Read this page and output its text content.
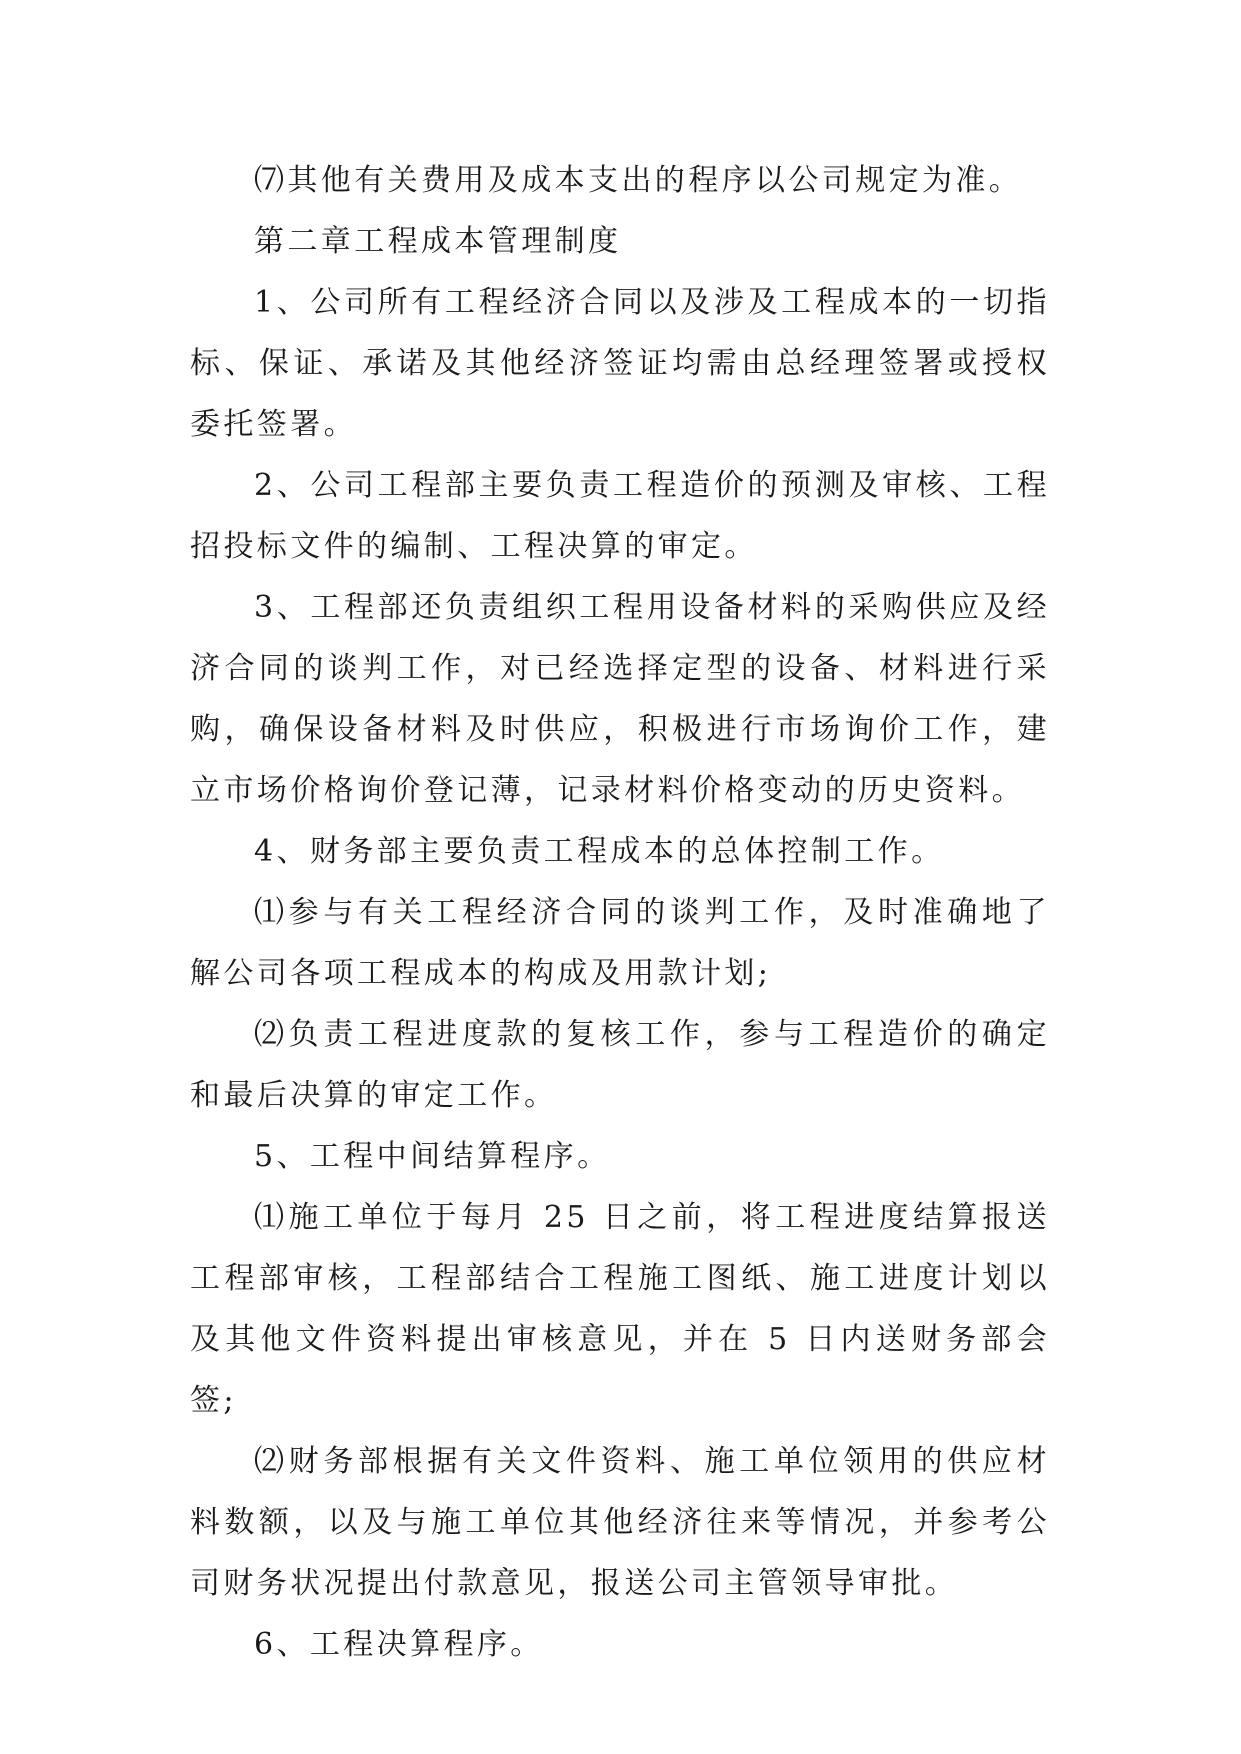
⑺其他有关费用及成本支出的程序以公司规定为准。

第二章工程成本管理制度

1、公司所有工程经济合同以及涉及工程成本的一切指标、保证、承诺及其他经济签证均需由总经理签署或授权委托签署。

2、公司工程部主要负责工程造价的预测及审核、工程招投标文件的编制、工程决算的审定。

3、工程部还负责组织工程用设备材料的采购供应及经济合同的谈判工作，对已经选择定型的设备、材料进行采购，确保设备材料及时供应，积极进行市场询价工作，建立市场价格询价登记薄，记录材料价格变动的历史资料。

4、财务部主要负责工程成本的总体控制工作。

⑴参与有关工程经济合同的谈判工作，及时准确地了解公司各项工程成本的构成及用款计划;

⑵负责工程进度款的复核工作，参与工程造价的确定和最后决算的审定工作。

5、工程中间结算程序。

⑴施工单位于每月 25 日之前，将工程进度结算报送工程部审核，工程部结合工程施工图纸、施工进度计划以及其他文件资料提出审核意见，并在 5 日内送财务部会签;

⑵财务部根据有关文件资料、施工单位领用的供应材料数额，以及与施工单位其他经济往来等情况，并参考公司财务状况提出付款意见，报送公司主管领导审批。

6、工程决算程序。
